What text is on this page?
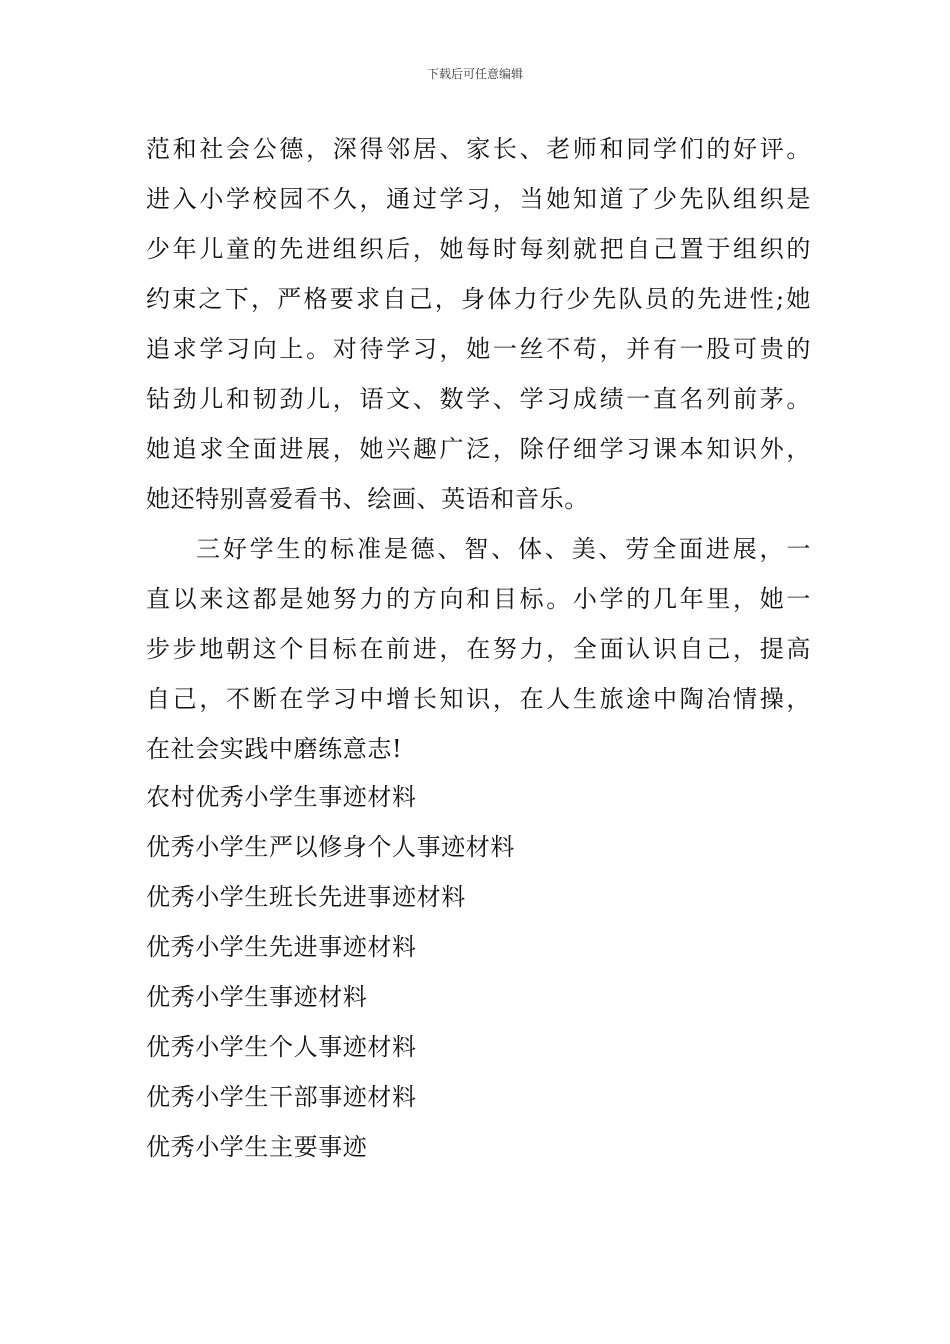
下载后可任意编辑
范和社会公德，深得邻居、家长、老师和同学们的好评。
进入小学校园不久，通过学习，当她知道了少先队组织是
少年儿童的先进组织后，她每时每刻就把自己置于组织的
约束之下，严格要求自己，身体力行少先队员的先进性;她
追求学习向上。对待学习，她一丝不苟，并有一股可贵的
钻劲儿和韧劲儿，语文、数学、学习成绩一直名列前茅。
她追求全面进展，她兴趣广泛，除仔细学习课本知识外，
她还特别喜爱看书、绘画、英语和音乐。
三好学生的标准是德、智、体、美、劳全面进展，一
直以来这都是她努力的方向和目标。小学的几年里，她一
步步地朝这个目标在前进，在努力，全面认识自己，提高
自己，不断在学习中增长知识，在人生旅途中陶冶情操，
在社会实践中磨练意志!
农村优秀小学生事迹材料
优秀小学生严以修身个人事迹材料
优秀小学生班长先进事迹材料
优秀小学生先进事迹材料
优秀小学生事迹材料
优秀小学生个人事迹材料
优秀小学生干部事迹材料
优秀小学生主要事迹
